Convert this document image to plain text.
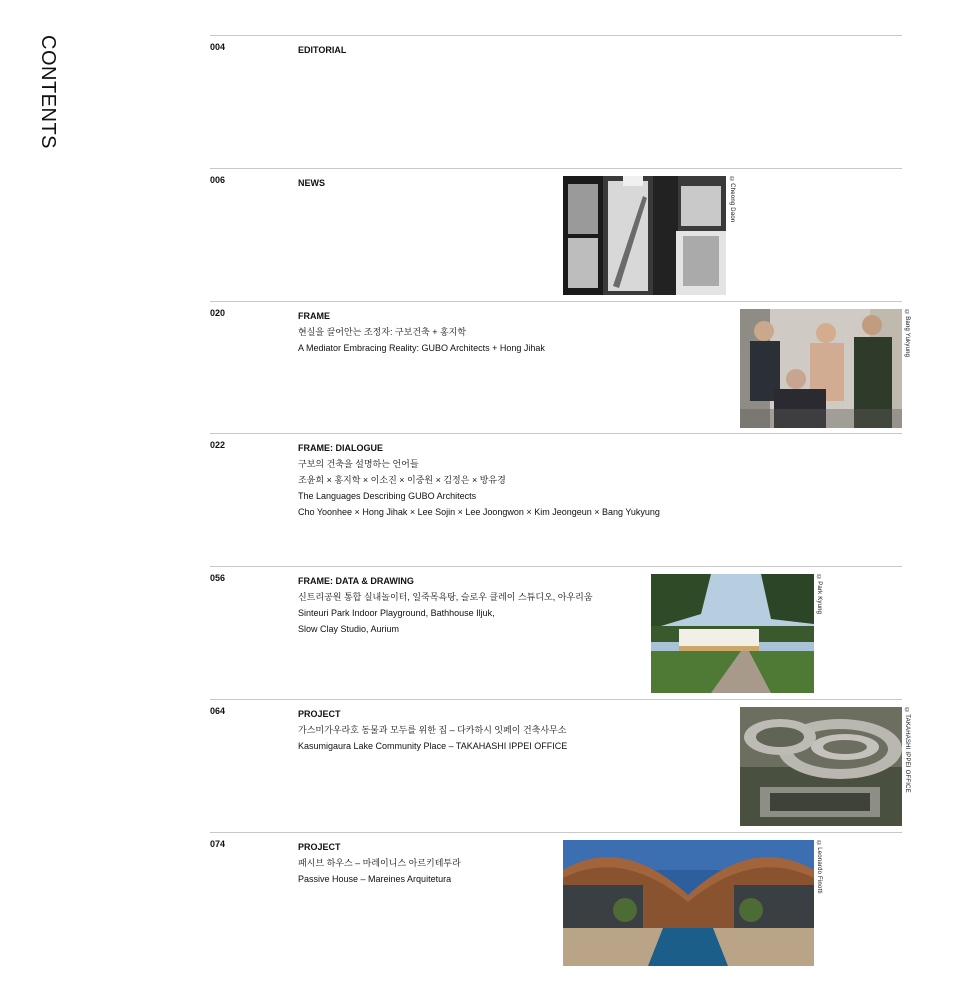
CONTENTS	004	EDITORIAL
006	NEWS	©Cheong Daon
020	FRAME
현실을 끌어안는 조정자: 구보건축 + 홍지학
A Mediator Embracing Reality: GUBO Architects + Hong Jihak	©Bang Yukyung
022	FRAME: DIALOGUE
구보의 건축을 설명하는 언어들
조윤희 × 홍지학 × 이소진 × 이중원 × 김정은 × 방유경
The Languages Describing GUBO Architects
Cho Yoonhee × Hong Jihak × Lee Sojin × Lee Joongwon × Kim Jeongeun × Bang Yukyung
056	FRAME: DATA & DRAWING
신트리공원 통합 실내놀이터, 일죽목욕탕, 슬로우 클레이 스튜디오, 아우리움
Sinteuri Park Indoor Playground, Bathhouse Iljuk,
Slow Clay Studio, Aurium
©Park Kyung
064	PROJECT
가스미가우라호 동물과 모두를 위한 집 – 다카하시 잇페이 건축사무소
Kasumigaura Lake Community Place – TAKAHASHI IPPEI OFFICE	©TAKAHASHI IPPEI OFFICE
074	PROJECT
패시브 하우스 – 마레이니스 아르키테투라
Passive House – Mareines Arquitetura	©Leonardo Finotti
